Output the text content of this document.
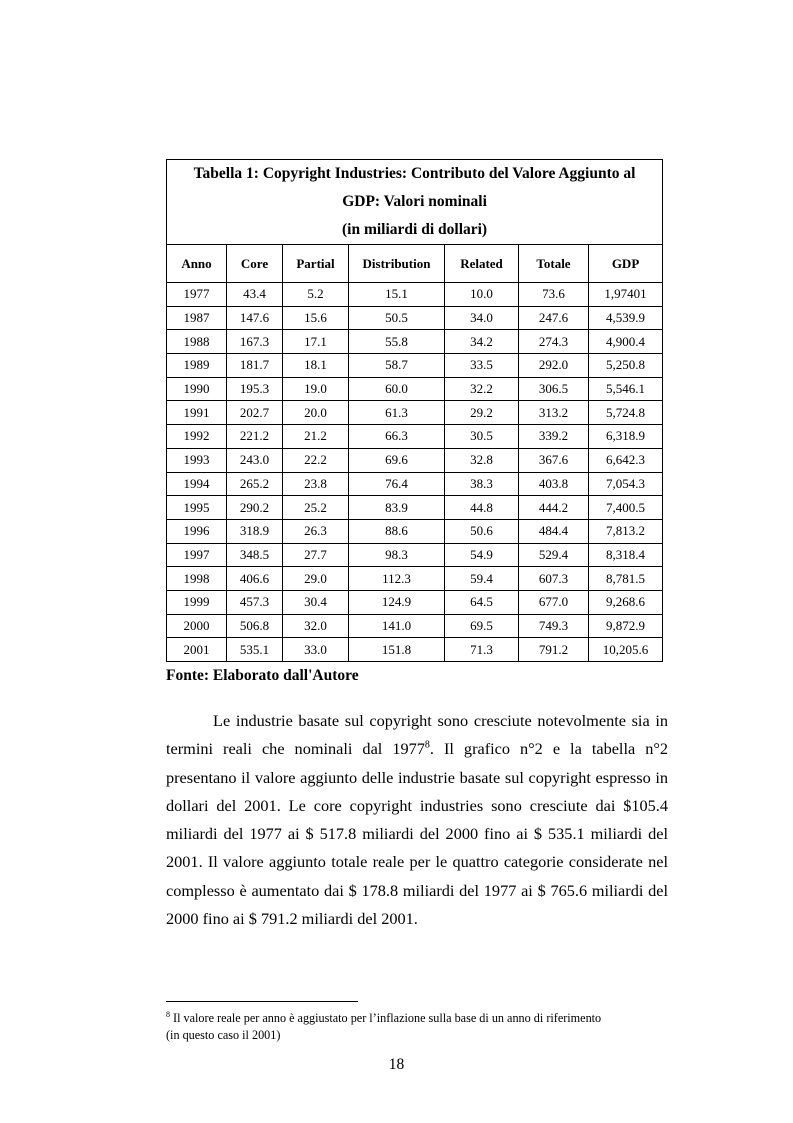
Tabella 1: Copyright Industries: Contributo del Valore Aggiunto al
GDP: Valori nominali
(in miliardi di dollari)						

Anno	Core	Partial	Distribution	Related	Totale	GDP
1977	43.4	5.2	15.1	10.0	73.6	1,97401
1987	147.6	15.6	50.5	34.0	247.6	4,539.9
1988	167.3	17.1	55.8	34.2	274.3	4,900.4
1989	181.7	18.1	58.7	33.5	292.0	5,250.8
1990	195.3	19.0	60.0	32.2	306.5	5,546.1
1991	202.7	20.0	61.3	29.2	313.2	5,724.8
1992	221.2	21.2	66.3	30.5	339.2	6,318.9
1993	243.0	22.2	69.6	32.8	367.6	6,642.3
1994	265.2	23.8	76.4	38.3	403.8	7,054.3
1995	290.2	25.2	83.9	44.8	444.2	7,400.5
1996	318.9	26.3	88.6	50.6	484.4	7,813.2
1997	348.5	27.7	98.3	54.9	529.4	8,318.4
1998	406.6	29.0	112.3	59.4	607.3	8,781.5
1999	457.3	30.4	124.9	64.5	677.0	9,268.6
2000	506.8	32.0	141.0	69.5	749.3	9,872.9
2001	535.1	33.0	151.8	71.3	791.2	10,205.6
Fonte: Elaborato dall'Autore

Le industrie basate sul copyright sono cresciute notevolmente sia in termini reali che nominali dal 1977$^8$. Il grafico n°2 e la tabella n°2 presentano il valore aggiunto delle industrie basate sul copyright espresso in dollari del 2001. Le core copyright industries sono cresciute dai $105.4 miliardi del 1977 ai $ 517.8 miliardi del 2000 fino ai $ 535.1 miliardi del 2001. Il valore aggiunto totale reale per le quattro categorie considerate nel complesso è aumentato dai $ 178.8 miliardi del 1977 ai $ 765.6 miliardi del 2000 fino ai $ 791.2 miliardi del 2001.

$^8$ Il valore reale per anno è aggiustato per l’inflazione sulla base di un anno di riferimento
(in questo caso il 2001)
18
